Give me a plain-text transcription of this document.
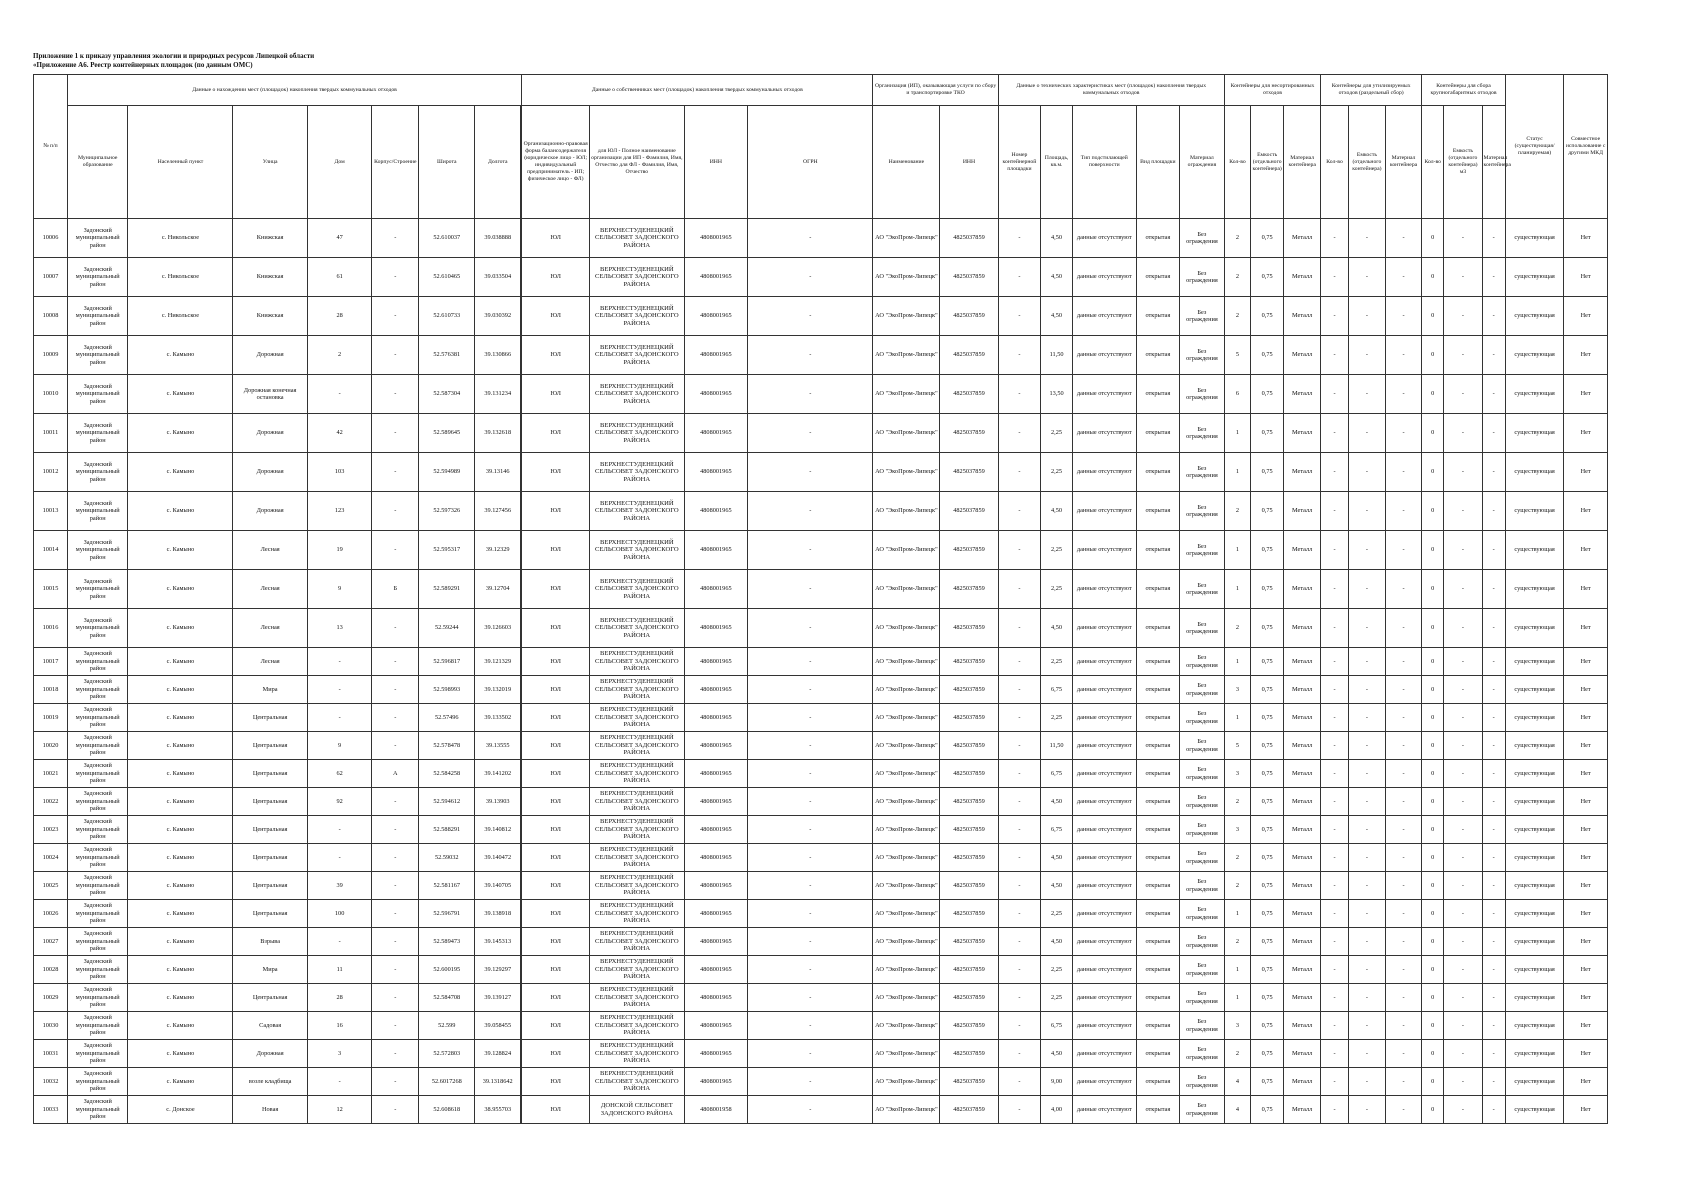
Приложение 1 к приказу управления экологии и природных ресурсов Липецкой области
«Приложение А6. Реестр контейнерных площадок (по данным ОМС)
№ п/п	Данные о нахождении мест (площадок) накопления твердых коммунальных отходов							Данные о собственниках мест (площадок) накопления твердых коммунальных отходов				Организация (ИП), оказывающая услуги по сбору и транспортировке ТКО		Данные о технических характеристиках мест (площадок) накопления твердых коммунальных отходов					Контейнеры для несортированных отходов			Контейнеры для утилизируемых отходов (раздельный сбор)			Контейнеры для сбора крупногабаритных отходов			Статус (существующая/планируемая)	Совместное использование с другими МКД
	Муниципальное образование	Населенный пункт	Улица	Дом	Корпус/Строение	Широта	Долгота		Организационно-правовая форма балансодержателя (юридическое лицо - ЮЛ; индивидуальный предприниматель - ИП; физическое лицо - ФЛ)	для ЮЛ - Полное наименование организации для ИП - Фамилия, Имя, Отчество для ФЛ - Фамилия, Имя, Отчество	ИНН	ОГРН	Наименование	ИНН	Номер контейнерной площадки	Площадь, кв.м.	Тип подстилающей поверхности	Вид площадки	Материал ограждения	Кол-во	Емкость (отдельного контейнера)	Материал контейнера	Кол-во	Емкость (отдельного контейнера)	Материал контейнера	Кол-во	Емкость (отдельного контейнера) м3	Материал контейнера		
10006	Задонский муниципальный район	с. Никольское	Книжская	47	-	52.610037	39.038888		ЮЛ	ВЕРХНЕСТУДЕНЕЦКИЙ СЕЛЬСОВЕТ ЗАДОНСКОГО РАЙОНА	4808001965	-	АО "ЭкоПром-Липецк"	4825037859	-	4,50	данные отсутствуют	открытая	Без ограждения	2	0,75	Металл	-	-	-	0	-	-	существующая	Нет
10007	Задонский муниципальный район	с. Никольское	Книжская	61	-	52.610465	39.033504		ЮЛ	ВЕРХНЕСТУДЕНЕЦКИЙ СЕЛЬСОВЕТ ЗАДОНСКОГО РАЙОНА	4808001965	-	АО "ЭкоПром-Липецк"	4825037859	-	4,50	данные отсутствуют	открытая	Без ограждения	2	0,75	Металл	-	-	-	0	-	-	существующая	Нет
10008	Задонский муниципальный район	с. Никольское	Книжская	28	-	52.610733	39.030392		ЮЛ	ВЕРХНЕСТУДЕНЕЦКИЙ СЕЛЬСОВЕТ ЗАДОНСКОГО РАЙОНА	4808001965	-	АО "ЭкоПром-Липецк"	4825037859	-	4,50	данные отсутствуют	открытая	Без ограждения	2	0,75	Металл	-	-	-	0	-	-	существующая	Нет
10009	Задонский муниципальный район	с. Камыно	Дорожная	2	-	52.576381	39.130866		ЮЛ	ВЕРХНЕСТУДЕНЕЦКИЙ СЕЛЬСОВЕТ ЗАДОНСКОГО РАЙОНА	4808001965	-	АО "ЭкоПром-Липецк"	4825037859	-	11,50	данные отсутствуют	открытая	Без ограждения	5	0,75	Металл	-	-	-	0	-	-	существующая	Нет
10010	Задонский муниципальный район	с. Камыно	Дорожная конечная остановка	-	-	52.587304	39.131234		ЮЛ	ВЕРХНЕСТУДЕНЕЦКИЙ СЕЛЬСОВЕТ ЗАДОНСКОГО РАЙОНА	4808001965	-	АО "ЭкоПром-Липецк"	4825037859	-	13,50	данные отсутствуют	открытая	Без ограждения	6	0,75	Металл	-	-	-	0	-	-	существующая	Нет
10011	Задонский муниципальный район	с. Камыно	Дорожная	42	-	52.589645	39.132618		ЮЛ	ВЕРХНЕСТУДЕНЕЦКИЙ СЕЛЬСОВЕТ ЗАДОНСКОГО РАЙОНА	4808001965	-	АО "ЭкоПром-Липецк"	4825037859	-	2,25	данные отсутствуют	открытая	Без ограждения	1	0,75	Металл	-	-	-	0	-	-	существующая	Нет
10012	Задонский муниципальный район	с. Камыно	Дорожная	103	-	52.594989	39.13146		ЮЛ	ВЕРХНЕСТУДЕНЕЦКИЙ СЕЛЬСОВЕТ ЗАДОНСКОГО РАЙОНА	4808001965	-	АО "ЭкоПром-Липецк"	4825037859	-	2,25	данные отсутствуют	открытая	Без ограждения	1	0,75	Металл	-	-	-	0	-	-	существующая	Нет
10013	Задонский муниципальный район	с. Камыно	Дорожная	123	-	52.597326	39.127456		ЮЛ	ВЕРХНЕСТУДЕНЕЦКИЙ СЕЛЬСОВЕТ ЗАДОНСКОГО РАЙОНА	4808001965	-	АО "ЭкоПром-Липецк"	4825037859	-	4,50	данные отсутствуют	открытая	Без ограждения	2	0,75	Металл	-	-	-	0	-	-	существующая	Нет
10014	Задонский муниципальный район	с. Камыно	Лесная	19	-	52.595317	39.12329		ЮЛ	ВЕРХНЕСТУДЕНЕЦКИЙ СЕЛЬСОВЕТ ЗАДОНСКОГО РАЙОНА	4808001965	-	АО "ЭкоПром-Липецк"	4825037859	-	2,25	данные отсутствуют	открытая	Без ограждения	1	0,75	Металл	-	-	-	0	-	-	существующая	Нет
10015	Задонский муниципальный район	с. Камыно	Лесная	9	Б	52.589291	39.12704		ЮЛ	ВЕРХНЕСТУДЕНЕЦКИЙ СЕЛЬСОВЕТ ЗАДОНСКОГО РАЙОНА	4808001965	-	АО "ЭкоПром-Липецк"	4825037859	-	2,25	данные отсутствуют	открытая	Без ограждения	1	0,75	Металл	-	-	-	0	-	-	существующая	Нет
10016	Задонский муниципальный район	с. Камыно	Лесная	13	-	52.59244	39.126603		ЮЛ	ВЕРХНЕСТУДЕНЕЦКИЙ СЕЛЬСОВЕТ ЗАДОНСКОГО РАЙОНА	4808001965	-	АО "ЭкоПром-Липецк"	4825037859	-	4,50	данные отсутствуют	открытая	Без ограждения	2	0,75	Металл	-	-	-	0	-	-	существующая	Нет
10017	Задонский муниципальный район	с. Камыно	Лесная	-	-	52.596817	39.121329		ЮЛ	ВЕРХНЕСТУДЕНЕЦКИЙ СЕЛЬСОВЕТ ЗАДОНСКОГО РАЙОНА	4808001965	-	АО "ЭкоПром-Липецк"	4825037859	-	2,25	данные отсутствуют	открытая	Без ограждения	1	0,75	Металл	-	-	-	0	-	-	существующая	Нет
10018	Задонский муниципальный район	с. Камыно	Мира	-	-	52.598993	39.132019		ЮЛ	ВЕРХНЕСТУДЕНЕЦКИЙ СЕЛЬСОВЕТ ЗАДОНСКОГО РАЙОНА	4808001965	-	АО "ЭкоПром-Липецк"	4825037859	-	6,75	данные отсутствуют	открытая	Без ограждения	3	0,75	Металл	-	-	-	0	-	-	существующая	Нет
10019	Задонский муниципальный район	с. Камыно	Центральная	-	-	52.57496	39.133502		ЮЛ	ВЕРХНЕСТУДЕНЕЦКИЙ СЕЛЬСОВЕТ ЗАДОНСКОГО РАЙОНА	4808001965	-	АО "ЭкоПром-Липецк"	4825037859	-	2,25	данные отсутствуют	открытая	Без ограждения	1	0,75	Металл	-	-	-	0	-	-	существующая	Нет
10020	Задонский муниципальный район	с. Камыно	Центральная	9	-	52.578478	39.13555		ЮЛ	ВЕРХНЕСТУДЕНЕЦКИЙ СЕЛЬСОВЕТ ЗАДОНСКОГО РАЙОНА	4808001965	-	АО "ЭкоПром-Липецк"	4825037859	-	11,50	данные отсутствуют	открытая	Без ограждения	5	0,75	Металл	-	-	-	0	-	-	существующая	Нет
10021	Задонский муниципальный район	с. Камыно	Центральная	62	А	52.584258	39.141202		ЮЛ	ВЕРХНЕСТУДЕНЕЦКИЙ СЕЛЬСОВЕТ ЗАДОНСКОГО РАЙОНА	4808001965	-	АО "ЭкоПром-Липецк"	4825037859	-	6,75	данные отсутствуют	открытая	Без ограждения	3	0,75	Металл	-	-	-	0	-	-	существующая	Нет
10022	Задонский муниципальный район	с. Камыно	Центральная	92	-	52.594612	39.13903		ЮЛ	ВЕРХНЕСТУДЕНЕЦКИЙ СЕЛЬСОВЕТ ЗАДОНСКОГО РАЙОНА	4808001965	-	АО "ЭкоПром-Липецк"	4825037859	-	4,50	данные отсутствуют	открытая	Без ограждения	2	0,75	Металл	-	-	-	0	-	-	существующая	Нет
10023	Задонский муниципальный район	с. Камыно	Центральная	-	-	52.588291	39.140812		ЮЛ	ВЕРХНЕСТУДЕНЕЦКИЙ СЕЛЬСОВЕТ ЗАДОНСКОГО РАЙОНА	4808001965	-	АО "ЭкоПром-Липецк"	4825037859	-	6,75	данные отсутствуют	открытая	Без ограждения	3	0,75	Металл	-	-	-	0	-	-	существующая	Нет
10024	Задонский муниципальный район	с. Камыно	Центральная	-	-	52.59032	39.140472		ЮЛ	ВЕРХНЕСТУДЕНЕЦКИЙ СЕЛЬСОВЕТ ЗАДОНСКОГО РАЙОНА	4808001965	-	АО "ЭкоПром-Липецк"	4825037859	-	4,50	данные отсутствуют	открытая	Без ограждения	2	0,75	Металл	-	-	-	0	-	-	существующая	Нет
10025	Задонский муниципальный район	с. Камыно	Центральная	39	-	52.581167	39.140705		ЮЛ	ВЕРХНЕСТУДЕНЕЦКИЙ СЕЛЬСОВЕТ ЗАДОНСКОГО РАЙОНА	4808001965	-	АО "ЭкоПром-Липецк"	4825037859	-	4,50	данные отсутствуют	открытая	Без ограждения	2	0,75	Металл	-	-	-	0	-	-	существующая	Нет
10026	Задонский муниципальный район	с. Камыно	Центральная	100	-	52.596791	39.138918		ЮЛ	ВЕРХНЕСТУДЕНЕЦКИЙ СЕЛЬСОВЕТ ЗАДОНСКОГО РАЙОНА	4808001965	-	АО "ЭкоПром-Липецк"	4825037859	-	2,25	данные отсутствуют	открытая	Без ограждения	1	0,75	Металл	-	-	-	0	-	-	существующая	Нет
10027	Задонский муниципальный район	с. Камыно	Взрыва	-	-	52.589473	39.145313		ЮЛ	ВЕРХНЕСТУДЕНЕЦКИЙ СЕЛЬСОВЕТ ЗАДОНСКОГО РАЙОНА	4808001965	-	АО "ЭкоПром-Липецк"	4825037859	-	4,50	данные отсутствуют	открытая	Без ограждения	2	0,75	Металл	-	-	-	0	-	-	существующая	Нет
10028	Задонский муниципальный район	с. Камыно	Мира	11	-	52.600195	39.129297		ЮЛ	ВЕРХНЕСТУДЕНЕЦКИЙ СЕЛЬСОВЕТ ЗАДОНСКОГО РАЙОНА	4808001965	-	АО "ЭкоПром-Липецк"	4825037859	-	2,25	данные отсутствуют	открытая	Без ограждения	1	0,75	Металл	-	-	-	0	-	-	существующая	Нет
10029	Задонский муниципальный район	с. Камыно	Центральная	28	-	52.584708	39.139127		ЮЛ	ВЕРХНЕСТУДЕНЕЦКИЙ СЕЛЬСОВЕТ ЗАДОНСКОГО РАЙОНА	4808001965	-	АО "ЭкоПром-Липецк"	4825037859	-	2,25	данные отсутствуют	открытая	Без ограждения	1	0,75	Металл	-	-	-	0	-	-	существующая	Нет
10030	Задонский муниципальный район	с. Камыно	Садовая	16	-	52.599	39.058455		ЮЛ	ВЕРХНЕСТУДЕНЕЦКИЙ СЕЛЬСОВЕТ ЗАДОНСКОГО РАЙОНА	4808001965	-	АО "ЭкоПром-Липецк"	4825037859	-	6,75	данные отсутствуют	открытая	Без ограждения	3	0,75	Металл	-	-	-	0	-	-	существующая	Нет
10031	Задонский муниципальный район	с. Камыно	Дорожная	3	-	52.572803	39.128824		ЮЛ	ВЕРХНЕСТУДЕНЕЦКИЙ СЕЛЬСОВЕТ ЗАДОНСКОГО РАЙОНА	4808001965	-	АО "ЭкоПром-Липецк"	4825037859	-	4,50	данные отсутствуют	открытая	Без ограждения	2	0,75	Металл	-	-	-	0	-	-	существующая	Нет
10032	Задонский муниципальный район	с. Камыно	возле кладбища	-	-	52.6017268	39.1318642		ЮЛ	ВЕРХНЕСТУДЕНЕЦКИЙ СЕЛЬСОВЕТ ЗАДОНСКОГО РАЙОНА	4808001965	-	АО "ЭкоПром-Липецк"	4825037859	-	9,00	данные отсутствуют	открытая	Без ограждения	4	0,75	Металл	-	-	-	0	-	-	существующая	Нет
10033	Задонский муниципальный район	с. Донское	Новая	12	-	52.608618	38.955703		ЮЛ	ДОНСКОЙ СЕЛЬСОВЕТ ЗАДОНСКОГО РАЙОНА	4808001958	-	АО "ЭкоПром-Липецк"	4825037859	-	4,00	данные отсутствуют	открытая	Без ограждения	4	0,75	Металл	-	-	-	0	-	-	существующая	Нет
